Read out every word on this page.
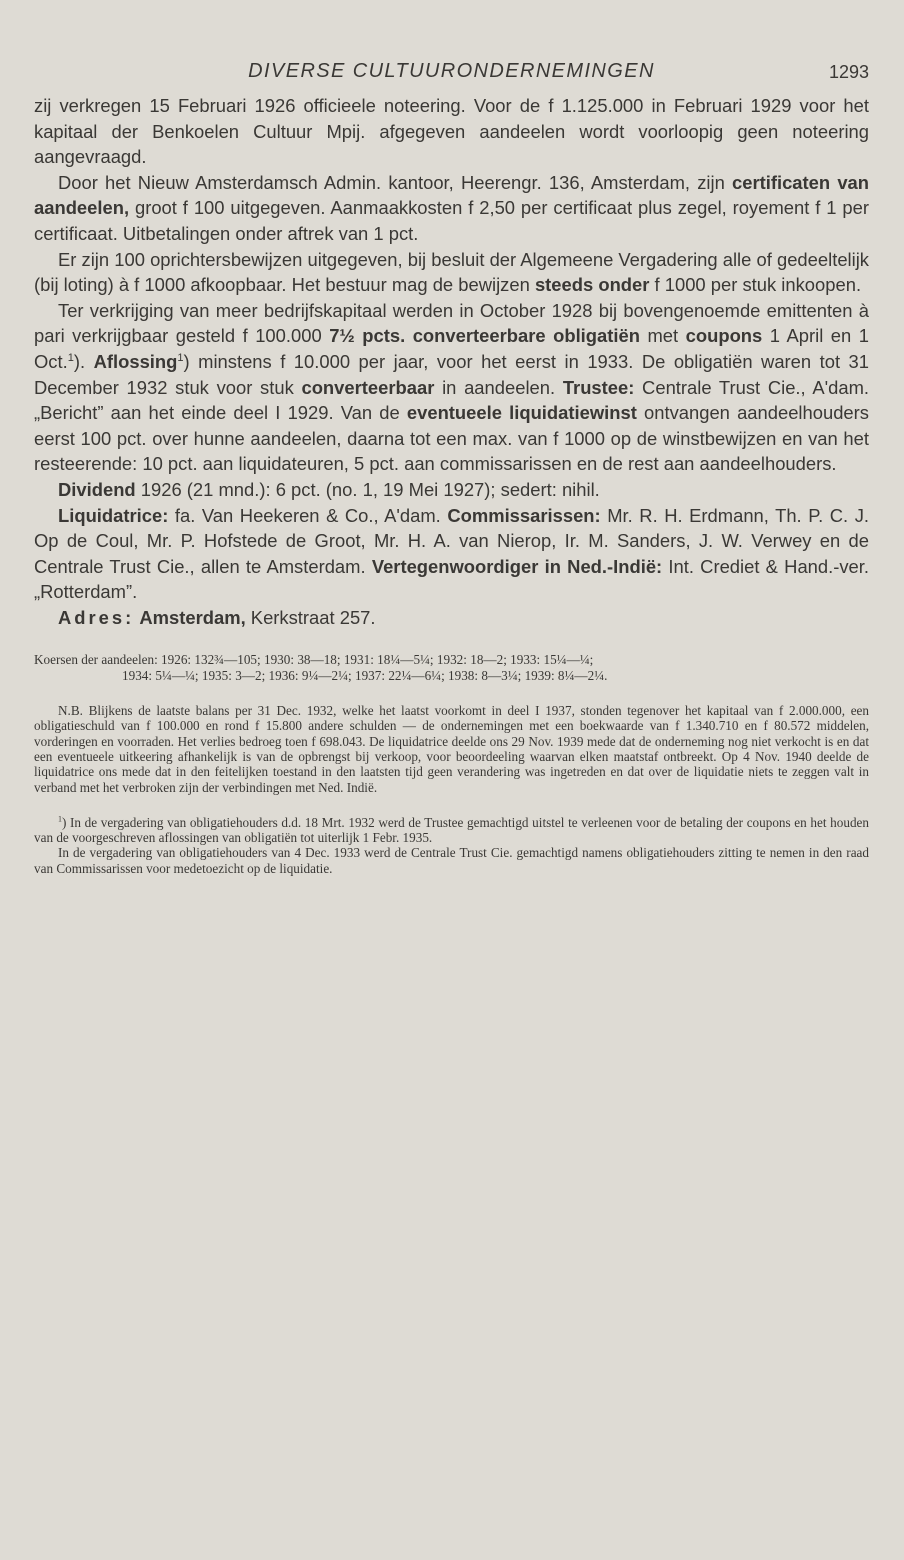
DIVERSE CULTUURONDERNEMINGEN	1293

zij verkregen 15 Februari 1926 officieele noteering. Voor de f 1.125.000 in Februari 1929 voor het kapitaal der Benkoelen Cultuur Mpij. afgegeven aandeelen wordt voorloopig geen noteering aangevraagd.

Door het Nieuw Amsterdamsch Admin. kantoor, Heerengr. 136, Amsterdam, zijn certificaten van aandeelen, groot f 100 uitgegeven. Aanmaakkosten f 2,50 per certificaat plus zegel, royement f 1 per certificaat. Uitbetalingen onder aftrek van 1 pct.

Er zijn 100 oprichtersbewijzen uitgegeven, bij besluit der Algemeene Vergadering alle of gedeeltelijk (bij loting) à f 1000 afkoopbaar. Het bestuur mag de bewijzen steeds onder f 1000 per stuk inkoopen.

Ter verkrijging van meer bedrijfskapitaal werden in October 1928 bij bovengenoemde emittenten à pari verkrijgbaar gesteld f 100.000 7½ pcts. converteerbare obligatiën met coupons 1 April en 1 Oct.$^1$). Aflossing$^1$) minstens f 10.000 per jaar, voor het eerst in 1933. De obligatiën waren tot 31 December 1932 stuk voor stuk converteerbaar in aandeelen. Trustee: Centrale Trust Cie., A'dam. „Bericht” aan het einde deel I 1929. Van de eventueele liquidatiewinst ontvangen aandeelhouders eerst 100 pct. over hunne aandeelen, daarna tot een max. van f 1000 op de winstbewijzen en van het resteerende: 10 pct. aan liquidateuren, 5 pct. aan commissarissen en de rest aan aandeelhouders.

Dividend 1926 (21 mnd.): 6 pct. (no. 1, 19 Mei 1927); sedert: nihil.

Liquidatrice: fa. Van Heekeren & Co., A'dam. Commissarissen: Mr. R. H. Erdmann, Th. P. C. J. Op de Coul, Mr. P. Hofstede de Groot, Mr. H. A. van Nierop, Ir. M. Sanders, J. W. Verwey en de Centrale Trust Cie., allen te Amsterdam. Vertegenwoordiger in Ned.-Indië: Int. Crediet & Hand.-ver. „Rotterdam”.

Adres: Amsterdam, Kerkstraat 257.

Koersen der aandeelen: 1926: 132¾—105; 1930: 38—18; 1931: 18¼—5¼; 1932: 18—2; 1933: 15¼—¼;

1934: 5¼—¼; 1935: 3—2; 1936: 9¼—2¼; 1937: 22¼—6¼; 1938: 8—3¼; 1939: 8¼—2¼.

N.B. Blijkens de laatste balans per 31 Dec. 1932, welke het laatst voorkomt in deel I 1937, stonden tegenover het kapitaal van f 2.000.000, een obligatieschuld van f 100.000 en rond f 15.800 andere schulden — de ondernemingen met een boekwaarde van f 1.340.710 en f 80.572 middelen, vorderingen en voorraden. Het verlies bedroeg toen f 698.043. De liquidatrice deelde ons 29 Nov. 1939 mede dat de onderneming nog niet verkocht is en dat een eventueele uitkeering afhankelijk is van de opbrengst bij verkoop, voor beoordeeling waarvan elken maatstaf ontbreekt. Op 4 Nov. 1940 deelde de liquidatrice ons mede dat in den feitelijken toestand in den laatsten tijd geen verandering was ingetreden en dat over de liquidatie niets te zeggen valt in verband met het verbroken zijn der verbindingen met Ned. Indië.

$^1$) In de vergadering van obligatiehouders d.d. 18 Mrt. 1932 werd de Trustee gemachtigd uitstel te verleenen voor de betaling der coupons en het houden van de voorgeschreven aflossingen van obligatiën tot uiterlijk 1 Febr. 1935.

In de vergadering van obligatiehouders van 4 Dec. 1933 werd de Centrale Trust Cie. gemachtigd namens obligatiehouders zitting te nemen in den raad van Commissarissen voor medetoezicht op de liquidatie.
